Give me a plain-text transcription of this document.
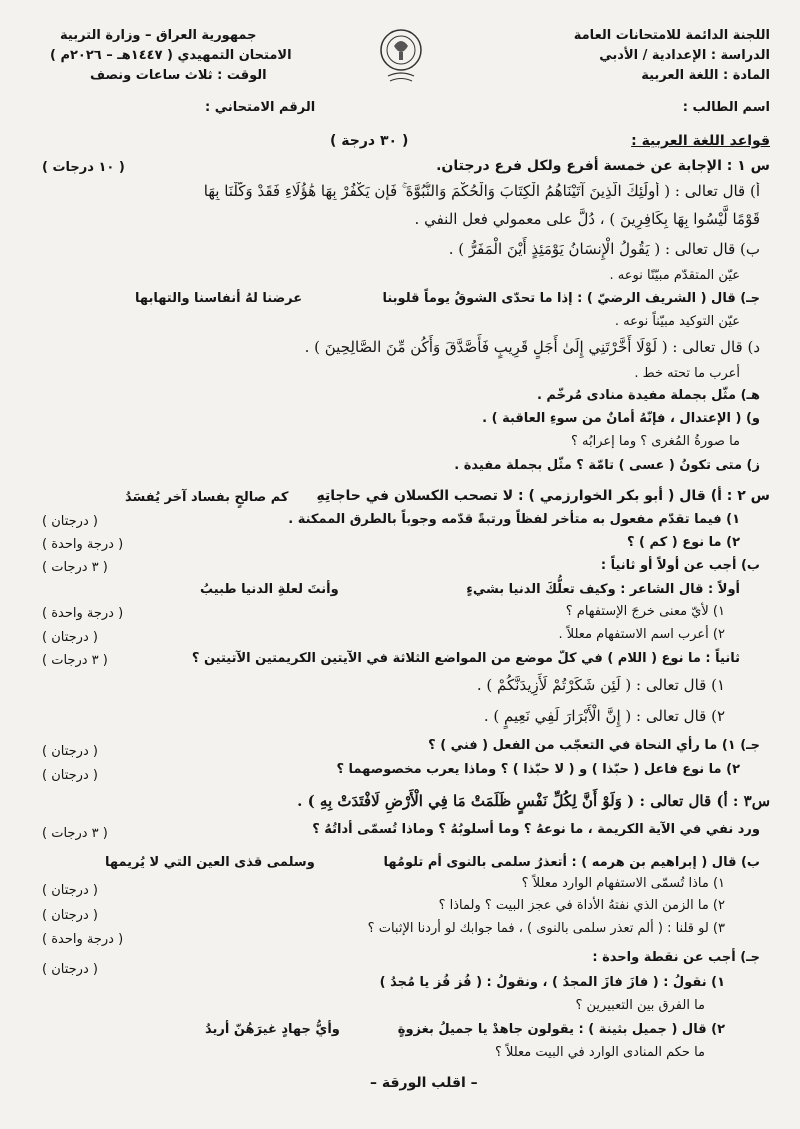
اللجنة الدائمة للامتحانات العامة
الدراسة : الإعدادية / الأدبي
المادة : اللغة العربية
اسم الطالب :
جمهورية العراق – وزارة التربية
الامتحان التمهيدي ( ١٤٤٧هـ – ٢٠٢٦م )
الوقت : ثلاث ساعات ونصف
الرقم الامتحاني :
قواعد اللغة العربية :
( ٣٠ درجة )
س ١ : الإجابة عن خمسة أفرع ولكل فرع درجتان.
( ١٠ درجات )
أ) قال تعالى : ( أُولَٰئِكَ الَّذِينَ آتَيْنَاهُمُ الْكِتَابَ وَالْحُكْمَ وَالنُّبُوَّةَ ۚ فَإِن يَكْفُرْ بِهَا هَٰؤُلَاءِ فَقَدْ وَكَّلْنَا بِهَا
قَوْمًا لَّيْسُوا بِهَا بِكَافِرِينَ ) ، دُلَّ على معمولي فعل النفي .
ب) قال تعالى : ( يَقُولُ الْإِنسَانُ يَوْمَئِذٍ أَيْنَ الْمَفَرُّ ) .
عيّن المتقدّم مبيّنًا نوعه .
جـ) قال ( الشريف الرضيّ ) : إذا ما تحدّى الشوقُ يوماً قلوبنا
عرضنا لهُ أنفاسنا والتهابها
عيّن التوكيد مبيّناً نوعه .
د) قال تعالى : ( لَوْلَا أَخَّرْتَنِي إِلَىٰ أَجَلٍ قَرِيبٍ فَأَصَّدَّقَ وَأَكُن مِّنَ الصَّالِحِينَ ) .
أعرب ما تحته خط .
هـ) مثّل بجملة مفيدة منادى مُرخّم .
و) ( الإعتدال ، فإنّهُ أمانٌ من سوءِ العاقبة ) .
ما صورةُ المُغرى ؟ وما إعرابُه ؟
ز) متى تكونُ ( عسى ) تامّة ؟ مثّل بجملة مفيدة .
س ٢ : أ) قال ( أبو بكر الخوارزمي ) : لا تصحب الكسلان في حاجاتِهِ
كم صالحٍ بفساد آخر يُفسَدُ
١) فيما تقدّم مفعول به متأخر لفظاً ورتبةً قدّمه وجوباً بالطرق الممكنة .
( درجتان )
٢) ما نوع ( كم ) ؟
( درجة واحدة )
ب) أجب عن أولاً أو ثانياً :
( ٣ درجات )
أولاً : قال الشاعر : وكيف تعلُّكَ الدنيا بشيءٍ
وأنتَ لعلةِ الدنيا طبيبُ
١) لأيّ معنى خرجَ الإستفهام ؟
( درجة واحدة )
٢) أعرب اسم الاستفهام معللاً .
( درجتان )
ثانياً : ما نوع ( اللام ) في كلّ موضع من المواضع الثلاثة في الآيتين الكريمتين الآتيتين ؟
( ٣ درجات )
١) قال تعالى : ( لَئِن شَكَرْتُمْ لَأَزِيدَنَّكُمْ ) .
٢) قال تعالى : ( إِنَّ الْأَبْرَارَ لَفِي نَعِيمٍ ) .
جـ) ١) ما رأي النحاة في التعجّب من الفعل ( فني ) ؟
( درجتان )
٢) ما نوع فاعل ( حبّذا ) و ( لا حبّذا ) ؟ وماذا يعرب مخصوصهما ؟
( درجتان )
س٣ : أ) قال تعالى : ( وَلَوْ أَنَّ لِكُلِّ نَفْسٍ ظَلَمَتْ مَا فِي الْأَرْضِ لَافْتَدَتْ بِهِ ) .
ورد نفي في الآية الكريمة ، ما نوعهُ ؟ وما أسلوبُهُ ؟ وماذا تُسمّى أداتُهُ ؟
( ٣ درجات )
ب) قال ( إبراهيم بن هرمه ) : أتعذرُ سلمى بالنوى أم تلومُها
وسلمى قذى العين التي لا يُريمها
١) ماذا تُسمّى الاستفهام الوارد معللاً ؟
( درجتان )
٢) ما الزمن الذي نفتهُ الأداة في عجز البيت ؟ ولماذا ؟
( درجتان )
٣) لو قلنا : ( ألم تعذر سلمى بالنوى ) ، فما جوابك لو أردنا الإثبات ؟
( درجة واحدة )
جـ) أجب عن نقطة واحدة :
( درجتان )
١) نقولُ : ( فازَ فازَ المجدُ ) ، ونقولُ : ( فُز فُز يا مُجدُ )
ما الفرق بين التعبيرين ؟
٢) قال ( جميل بثينة ) : يقولون جاهدْ يا جميلُ بغزوةٍ
وأيُّ جهادٍ غيرَهُنّ أريدُ
ما حكم المنادى الوارد في البيت معللاً ؟
– اقلب الورقة –
